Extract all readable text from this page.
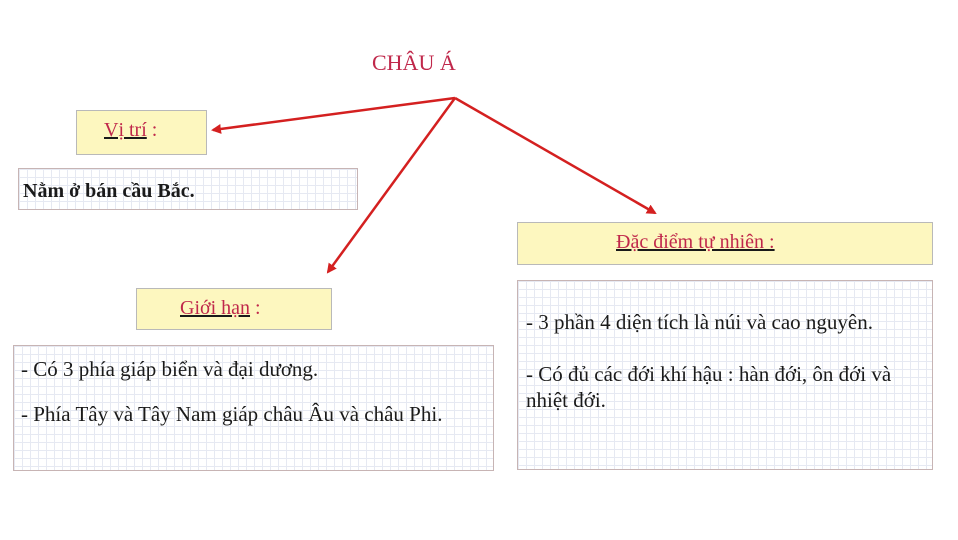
CHÂU Á
Vị trí :
Nằm ở bán cầu Bắc.
Đặc điểm tự nhiên :
Giới hạn :
- Có 3 phía giáp biển và đại dương.
- Phía Tây và Tây Nam giáp châu Âu và châu Phi.
- 3 phần 4 diện tích là núi và cao nguyên.
- Có đủ các đới khí hậu : hàn đới, ôn đới và nhiệt đới.
